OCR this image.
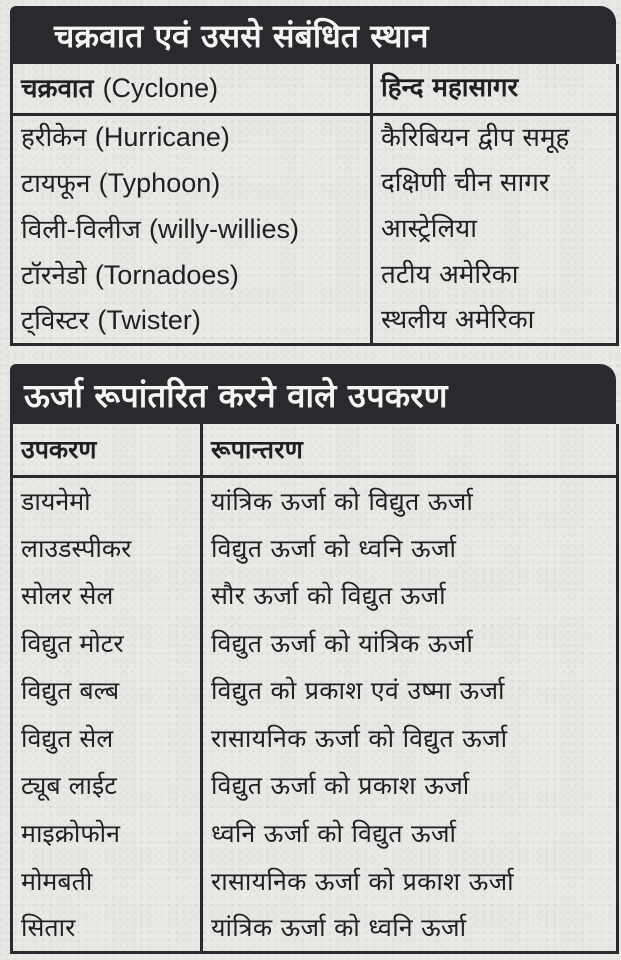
चक्रवात एवं उससे संबंधित स्थान
चक्रवात (Cyclone)	हिन्द महासागर
हरीकेन (Hurricane)	कैरिबियन द्वीप समूह
टायफून (Typhoon)	दक्षिणी चीन सागर
विली-विलीज (willy-willies)	आस्ट्रेलिया
टॉरनेडो (Tornadoes)	तटीय अमेरिका
ट्विस्टर (Twister)	स्थलीय अमेरिका
ऊर्जा रूपांतरित करने वाले उपकरण
उपकरण	रूपान्तरण
डायनेमो	यांत्रिक ऊर्जा को विद्युत ऊर्जा
लाउडस्पीकर	विद्युत ऊर्जा को ध्वनि ऊर्जा
सोलर सेल	सौर ऊर्जा को विद्युत ऊर्जा
विद्युत मोटर	विद्युत ऊर्जा को यांत्रिक ऊर्जा
विद्युत बल्ब	विद्युत को प्रकाश एवं उष्मा ऊर्जा
विद्युत सेल	रासायनिक ऊर्जा को विद्युत ऊर्जा
ट्यूब लाईट	विद्युत ऊर्जा को प्रकाश ऊर्जा
माइक्रोफोन	ध्वनि ऊर्जा को विद्युत ऊर्जा
मोमबती	रासायनिक ऊर्जा को प्रकाश ऊर्जा
सितार	यांत्रिक ऊर्जा को ध्वनि ऊर्जा
